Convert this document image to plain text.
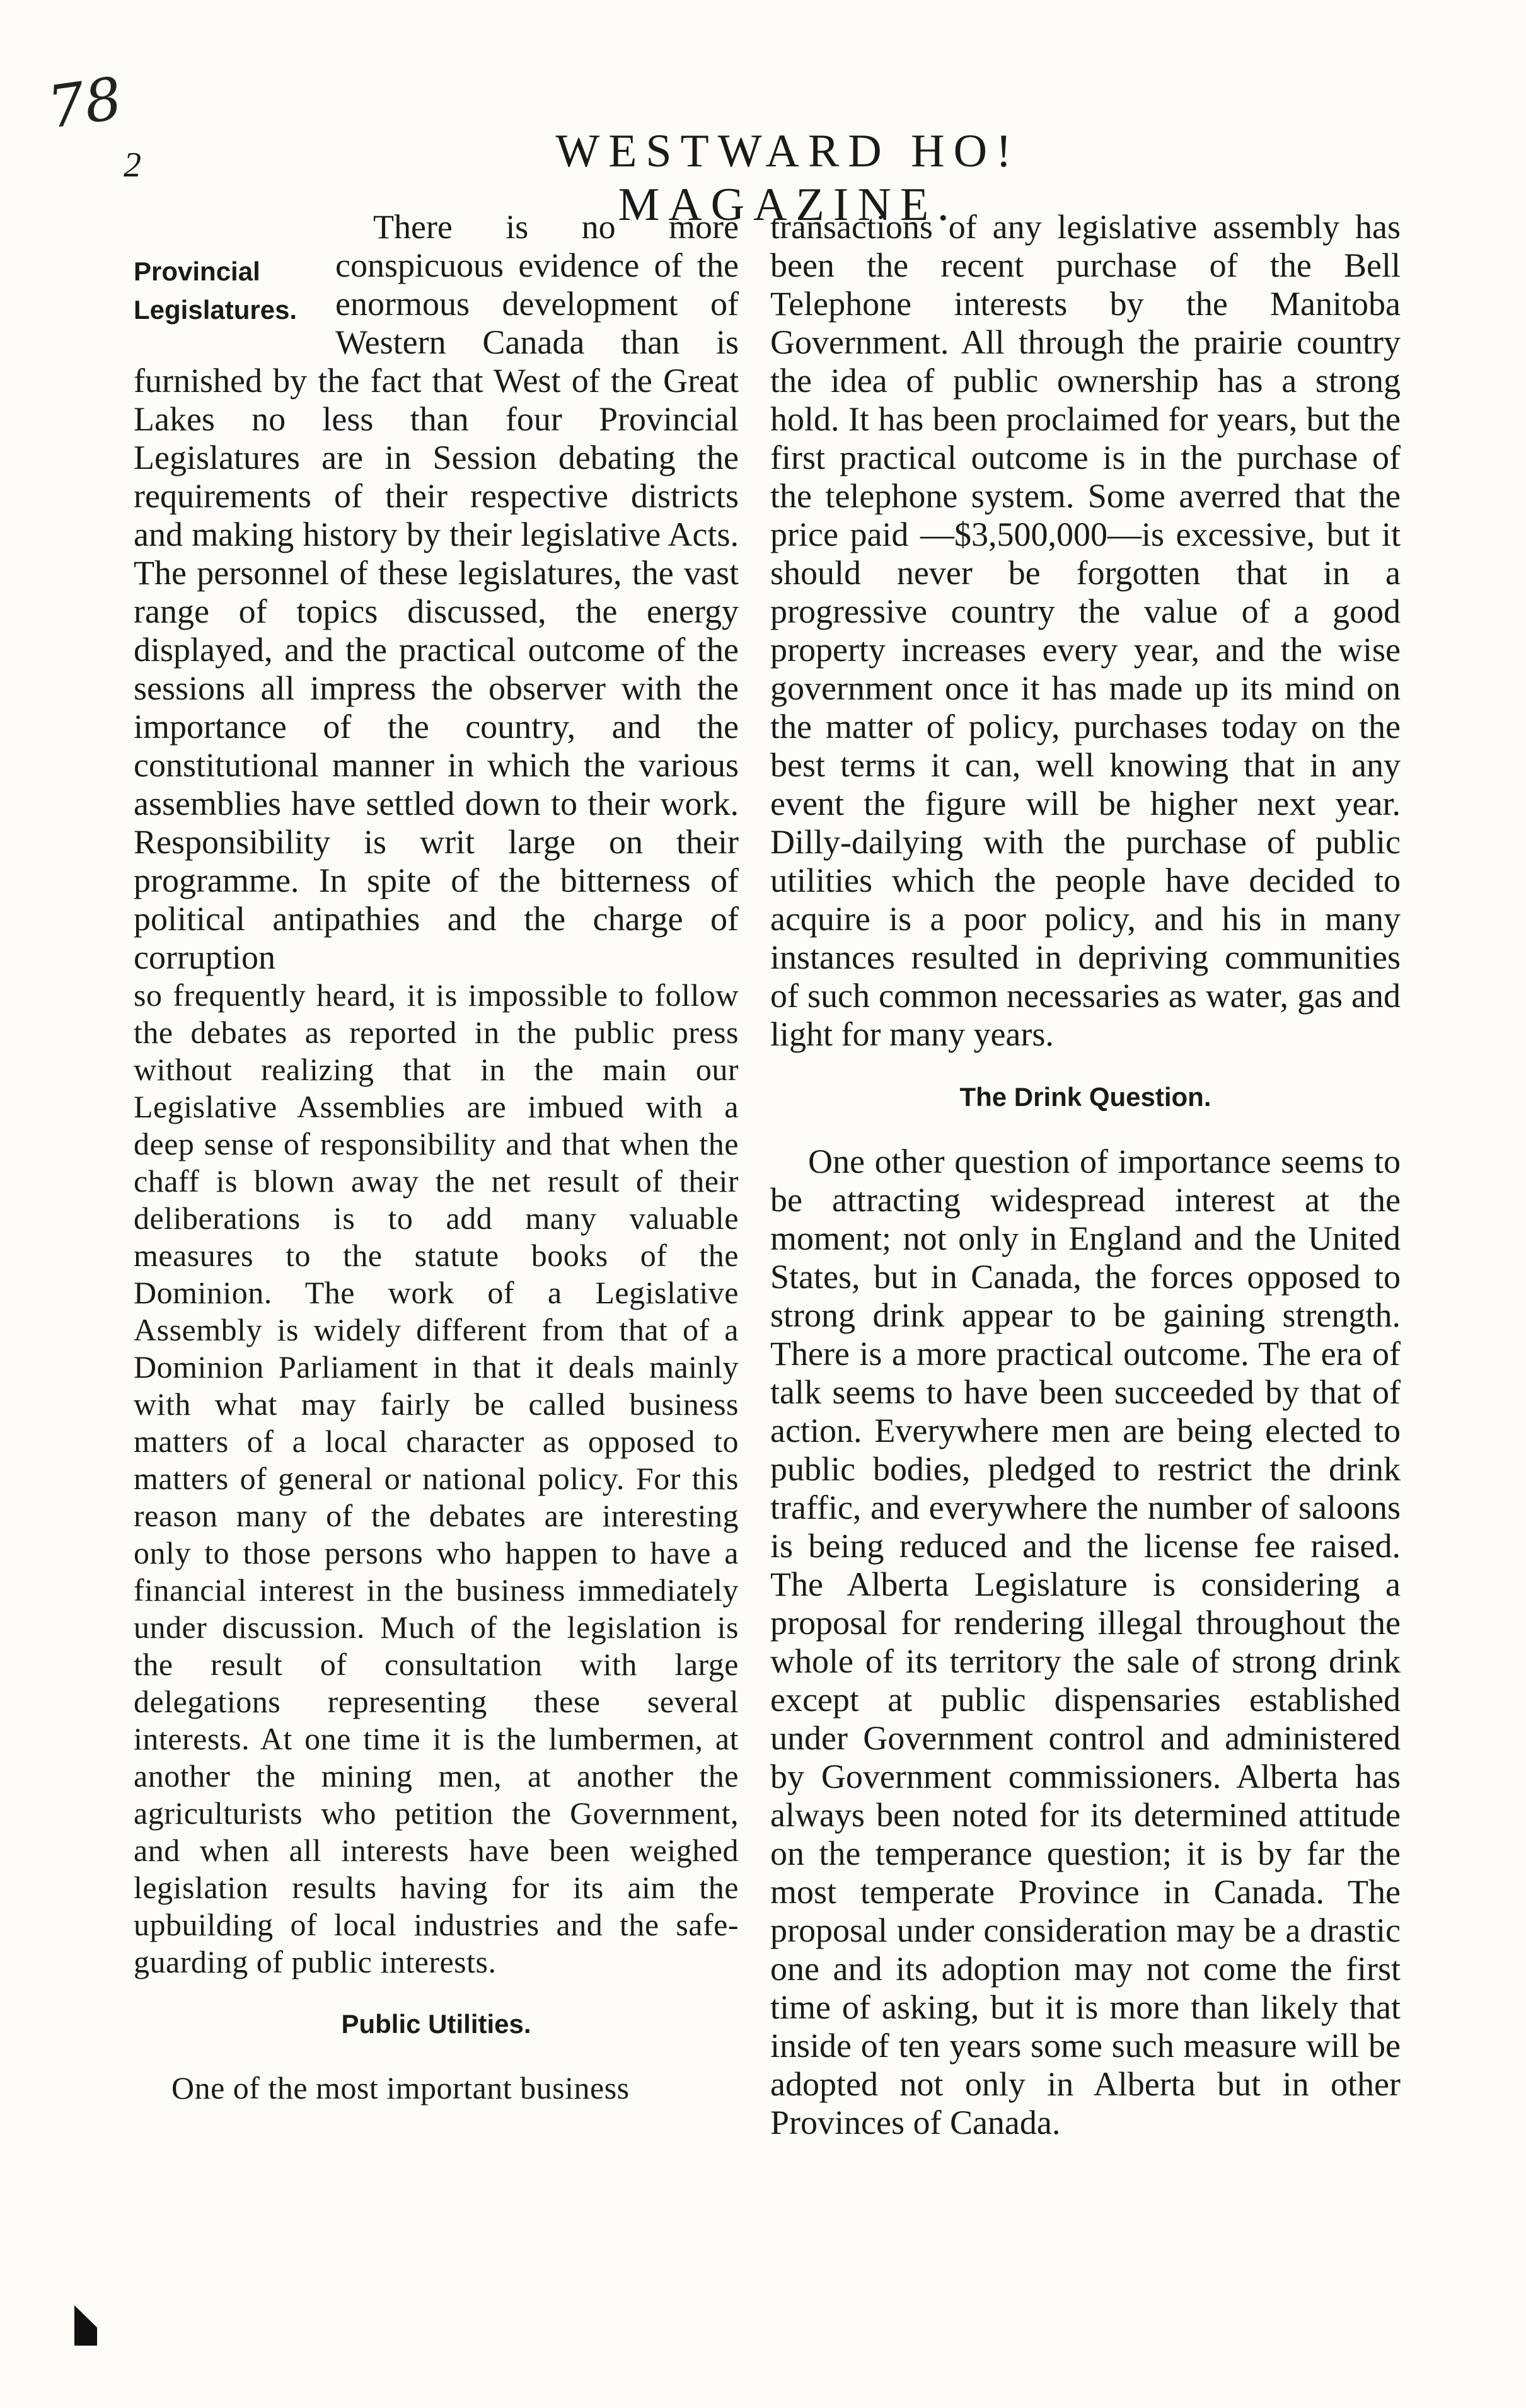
78
2	WESTWARD HO! MAGAZINE.
Provincial Legislatures.

There is no more conspicuous evidence of the enormous development of Western Canada than is furnished by the fact that West of the Great Lakes no less than four Provincial Legislatures are in Session debating the requirements of their respective districts and making history by their legislative Acts. The personnel of these legislatures, the vast range of topics discussed, the energy displayed, and the practical outcome of the sessions all impress the observer with the importance of the country, and the constitutional manner in which the various assemblies have settled down to their work. Responsibility is writ large on their programme. In spite of the bitterness of political antipathies and the charge of corruption

so frequently heard, it is impossible to follow the debates as reported in the public press without realizing that in the main our Legislative Assemblies are imbued with a deep sense of responsibility and that when the chaff is blown away the net result of their deliberations is to add many valuable measures to the statute books of the Dominion. The work of a Legislative Assembly is widely different from that of a Dominion Parliament in that it deals mainly with what may fairly be called business matters of a local character as opposed to matters of general or national policy. For this reason many of the debates are interesting only to those persons who happen to have a financial interest in the business immediately under discussion. Much of the legislation is the result of consultation with large delegations representing these several interests. At one time it is the lumbermen, at another the mining men, at another the agriculturists who petition the Government, and when all interests have been weighed legislation results having for its aim the upbuilding of local industries and the safe-guarding of public interests.

Public Utilities.

One of the most important business

transactions of any legislative assembly has been the recent purchase of the Bell Telephone interests by the Manitoba Government. All through the prairie country the idea of public ownership has a strong hold. It has been proclaimed for years, but the first practical outcome is in the purchase of the telephone system. Some averred that the price paid —$3,500,000—is excessive, but it should never be forgotten that in a progressive country the value of a good property increases every year, and the wise government once it has made up its mind on the matter of policy, purchases today on the best terms it can, well knowing that in any event the figure will be higher next year. Dilly-dailying with the purchase of public utilities which the people have decided to acquire is a poor policy, and his in many instances resulted in depriving communities of such common necessaries as water, gas and light for many years.

The Drink Question.

One other question of importance seems to be attracting widespread interest at the moment; not only in England and the United States, but in Canada, the forces opposed to strong drink appear to be gaining strength. There is a more practical outcome. The era of talk seems to have been succeeded by that of action. Everywhere men are being elected to public bodies, pledged to restrict the drink traffic, and everywhere the number of saloons is being reduced and the license fee raised. The Alberta Legislature is considering a proposal for rendering illegal throughout the whole of its territory the sale of strong drink except at public dispensaries established under Government control and administered by Government commissioners. Alberta has always been noted for its determined attitude on the temperance question; it is by far the most temperate Province in Canada. The proposal under consideration may be a drastic one and its adoption may not come the first time of asking, but it is more than likely that inside of ten years some such measure will be adopted not only in Alberta but in other Provinces of Canada.
